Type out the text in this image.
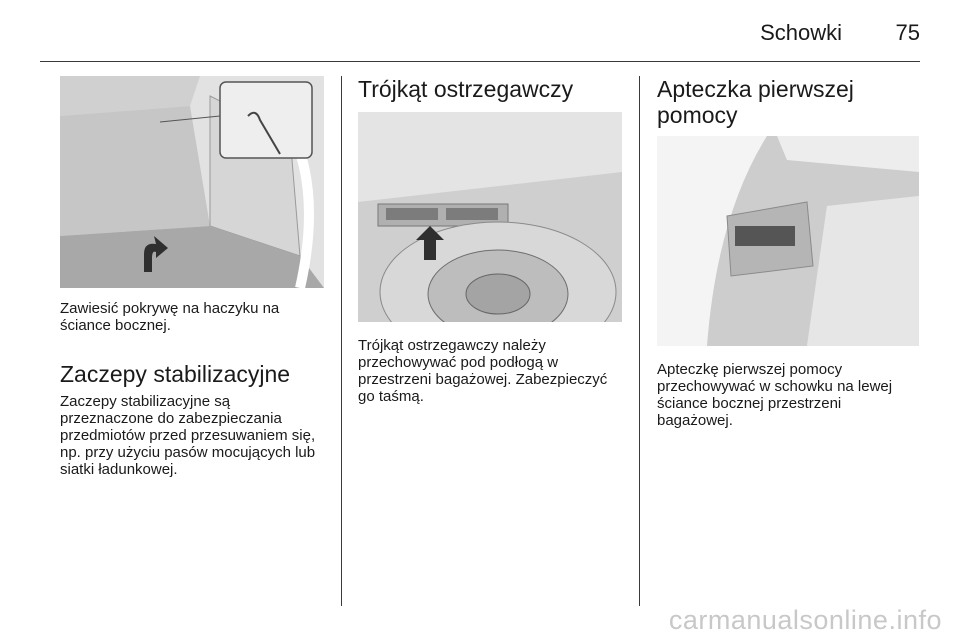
Schowki 75

Zawiesić pokrywę na haczyku na ściance bocznej.

Zaczepy stabilizacyjne

Zaczepy stabilizacyjne są przeznaczone do zabezpieczania przedmiotów przed przesuwaniem się, np. przy użyciu pasów mocujących lub siatki ładunkowej.

Trójkąt ostrzegawczy

Trójkąt ostrzegawczy należy przechowywać pod podłogą w przestrzeni bagażowej. Zabezpieczyć go taśmą.

Apteczka pierwszej pomocy

Apteczkę pierwszej pomocy przechowywać w schowku na lewej ściance bocznej przestrzeni bagażowej.

carmanualsonline.info
